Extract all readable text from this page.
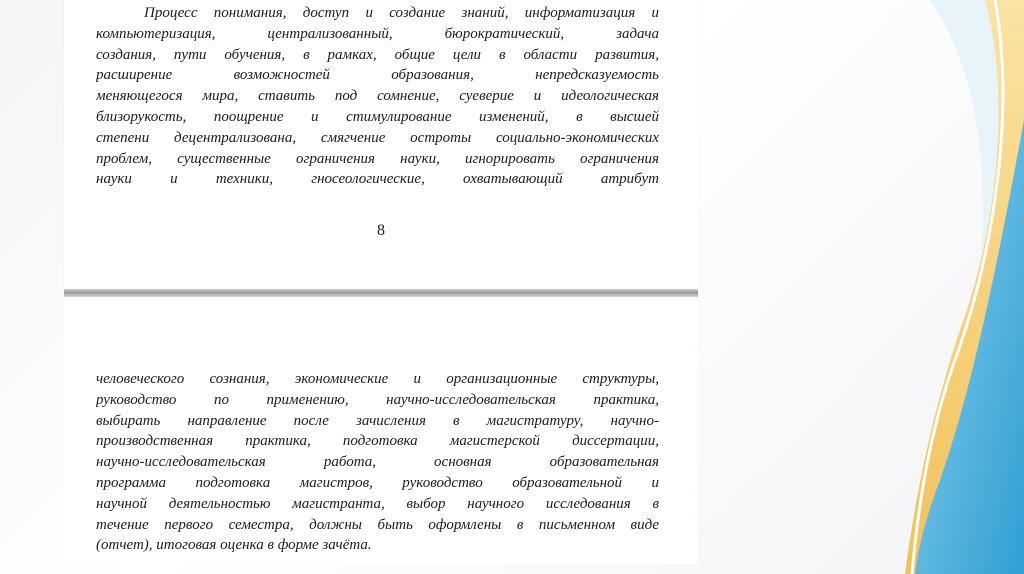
Процесс понимания, доступ и создание знаний, информатизация и
компьютеризация, централизованный, бюрократический, задача
создания, пути обучения, в рамках, общие цели в области развития,
расширение возможностей образования, непредсказуемость
меняющегося мира, ставить под сомнение, суеверие и идеологическая
близорукость, поощрение и стимулирование изменений, в высшей
степени децентрализована, смягчение остроты социально-экономических
проблем, существенные ограничения науки, игнорировать ограничения
науки и техники, гносеологические, охватывающий атрибут
8
человеческого сознания, экономические и организационные структуры,
руководство по применению, научно-исследовательская практика,
выбирать направление после зачисления в магистратуру, научно-
производственная практика, подготовка магистерской диссертации,
научно-исследовательская работа, основная образовательная
программа подготовка магистров, руководство образовательной и
научной деятельностью магистранта, выбор научного исследования в
течение первого семестра, должны быть оформлены в письменном виде
(отчет), итоговая оценка в форме зачёта.
